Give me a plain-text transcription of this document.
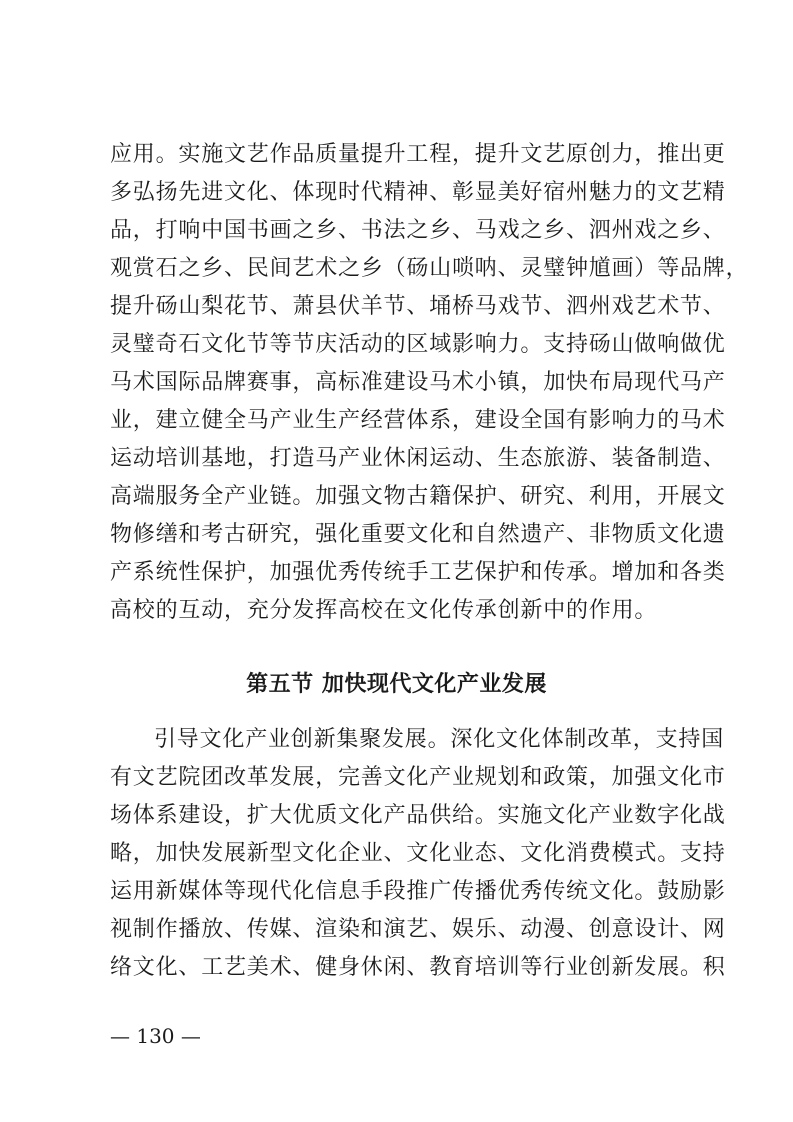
应用。实施文艺作品质量提升工程，提升文艺原创力，推出更
多弘扬先进文化、体现时代精神、彰显美好宿州魅力的文艺精
品，打响中国书画之乡、书法之乡、马戏之乡、泗州戏之乡、
观赏石之乡、民间艺术之乡（砀山唢呐、灵璧钟馗画）等品牌，
提升砀山梨花节、萧县伏羊节、埇桥马戏节、泗州戏艺术节、
灵璧奇石文化节等节庆活动的区域影响力。支持砀山做响做优
马术国际品牌赛事，高标准建设马术小镇，加快布局现代马产
业，建立健全马产业生产经营体系，建设全国有影响力的马术
运动培训基地，打造马产业休闲运动、生态旅游、装备制造、
高端服务全产业链。加强文物古籍保护、研究、利用，开展文
物修缮和考古研究，强化重要文化和自然遗产、非物质文化遗
产系统性保护，加强优秀传统手工艺保护和传承。增加和各类
高校的互动，充分发挥高校在文化传承创新中的作用。
第五节 加快现代文化产业发展
引导文化产业创新集聚发展。深化文化体制改革，支持国
有文艺院团改革发展，完善文化产业规划和政策，加强文化市
场体系建设，扩大优质文化产品供给。实施文化产业数字化战
略，加快发展新型文化企业、文化业态、文化消费模式。支持
运用新媒体等现代化信息手段推广传播优秀传统文化。鼓励影
视制作播放、传媒、渲染和演艺、娱乐、动漫、创意设计、网
络文化、工艺美术、健身休闲、教育培训等行业创新发展。积
— 130 —
